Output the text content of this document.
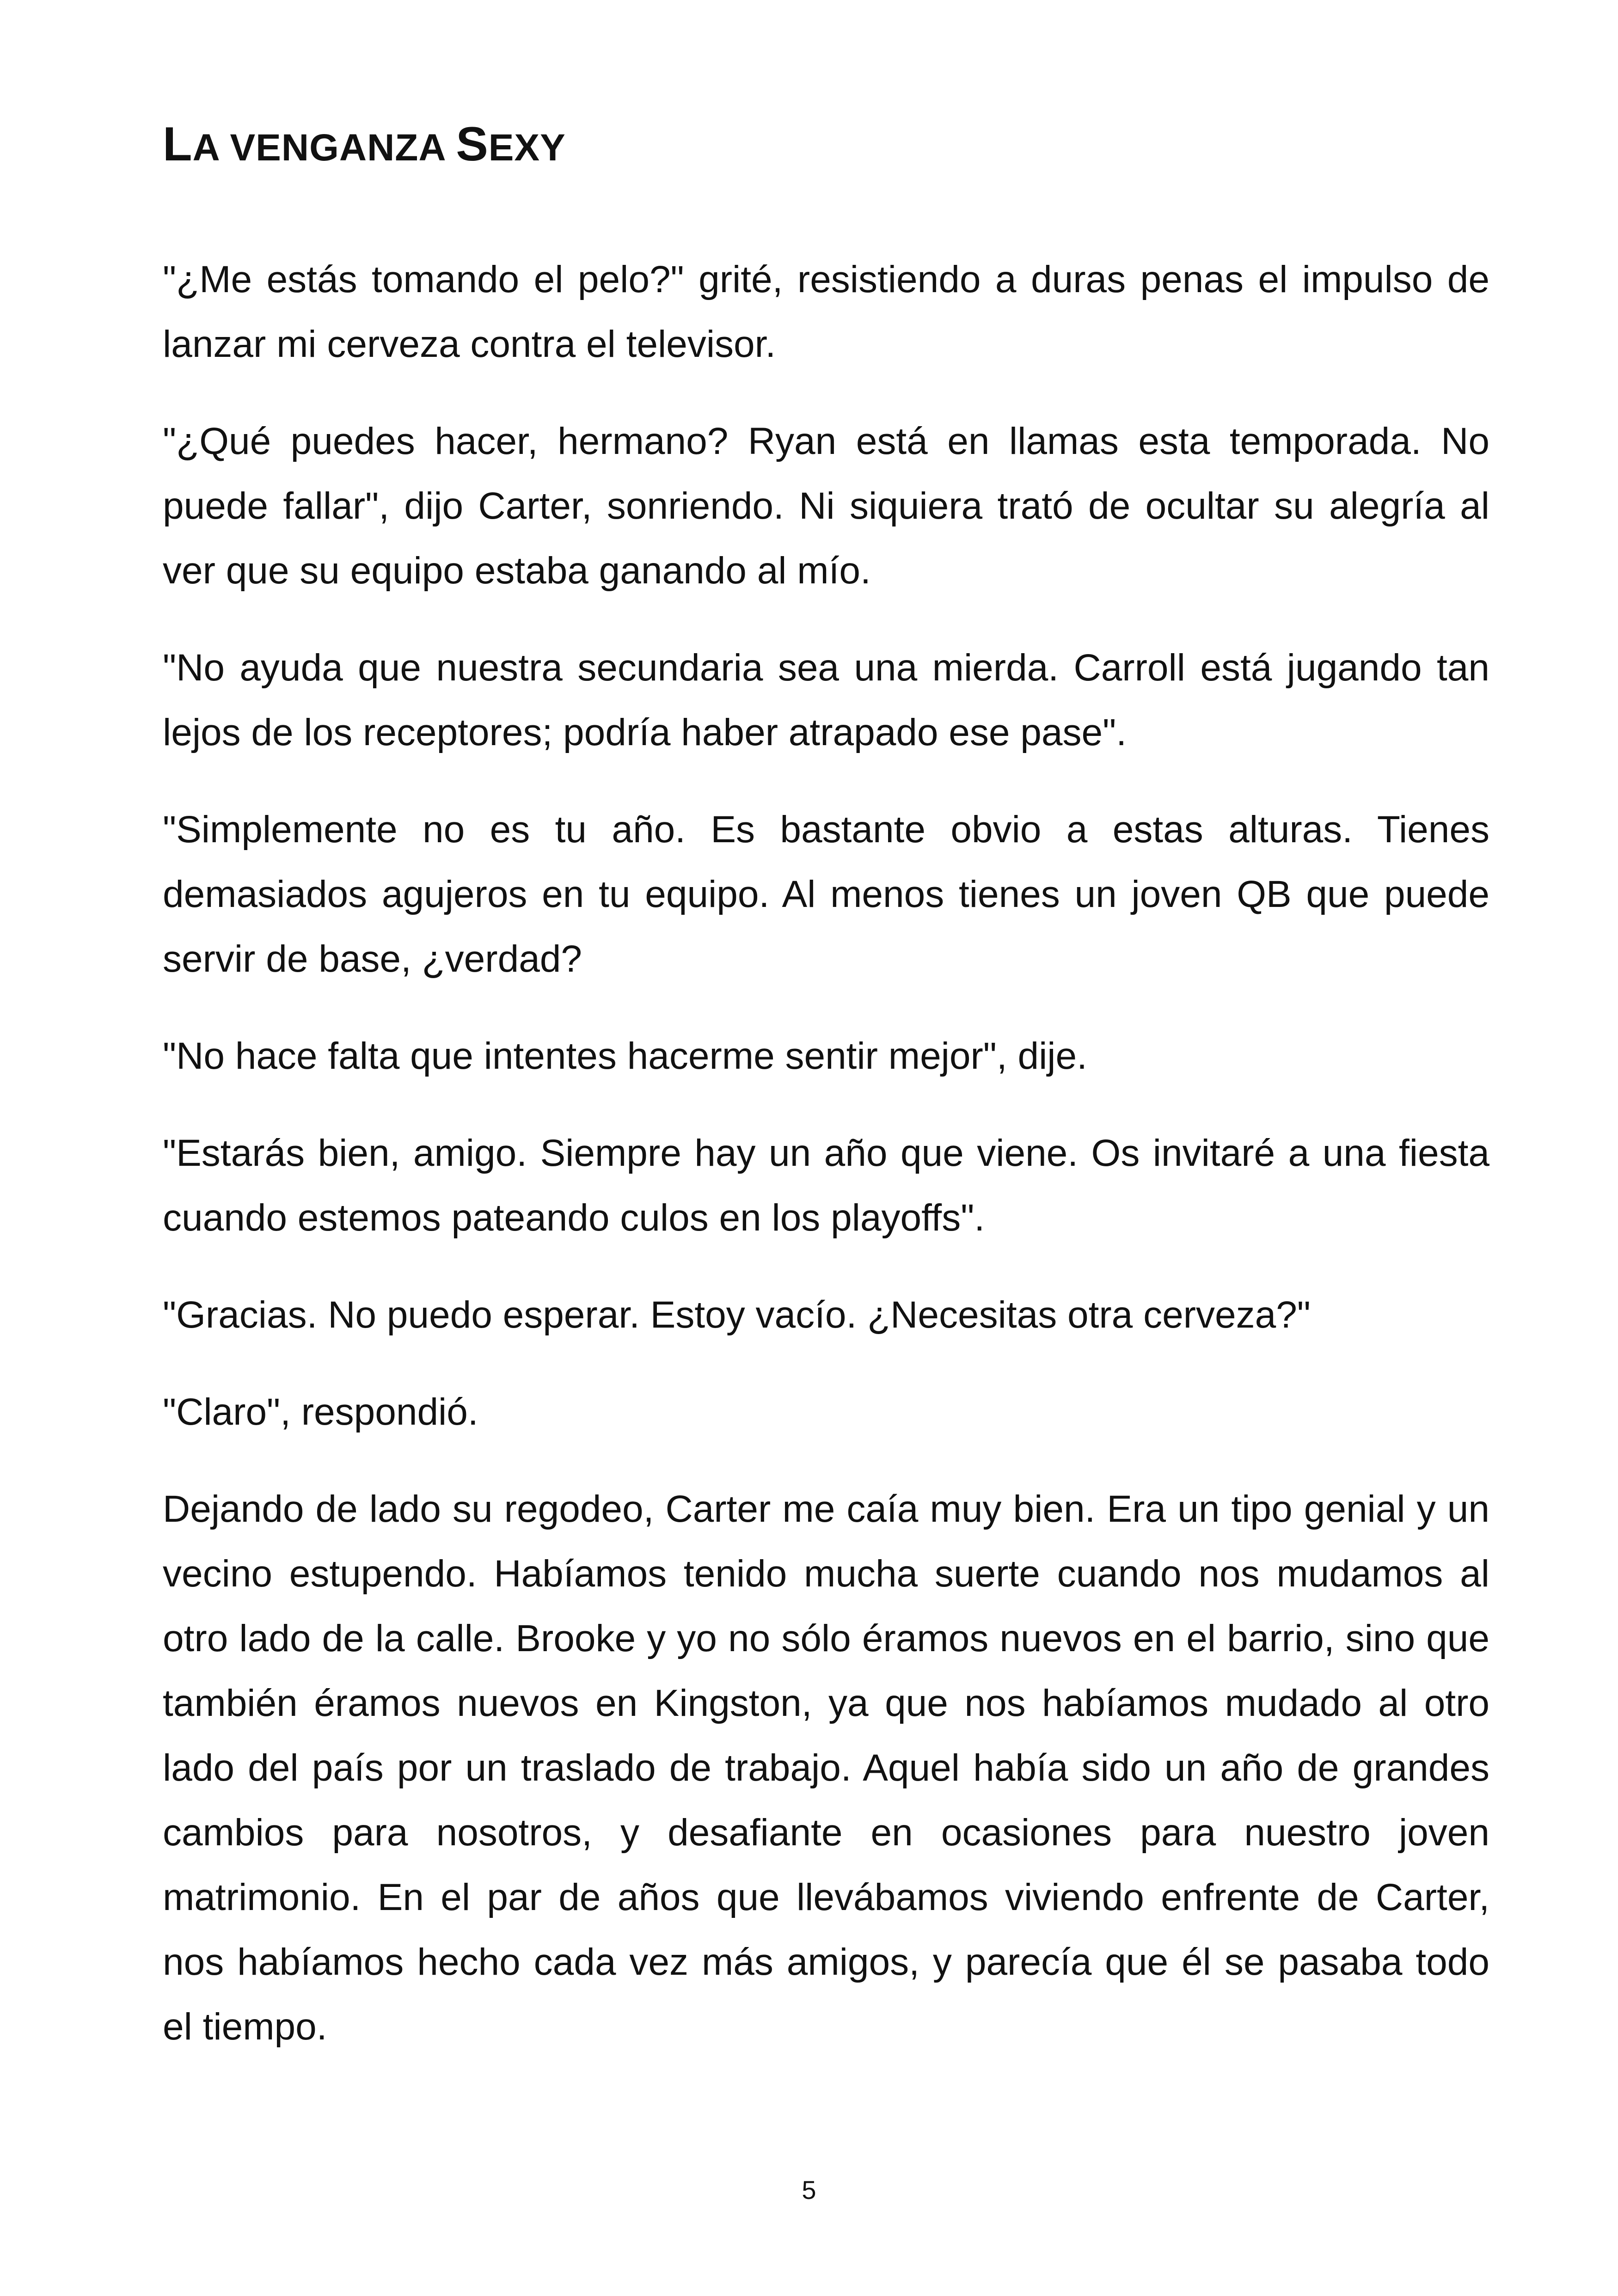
LA VENGANZA SEXY

"¿Me estás tomando el pelo?" grité, resistiendo a duras penas el impulso de lanzar mi cerveza contra el televisor.

"¿Qué puedes hacer, hermano? Ryan está en llamas esta temporada. No puede fallar", dijo Carter, sonriendo. Ni siquiera trató de ocultar su alegría al ver que su equipo estaba ganando al mío.

"No ayuda que nuestra secundaria sea una mierda. Carroll está jugando tan lejos de los receptores; podría haber atrapado ese pase".

"Simplemente no es tu año. Es bastante obvio a estas alturas. Tienes demasiados agujeros en tu equipo. Al menos tienes un joven QB que puede servir de base, ¿verdad?

"No hace falta que intentes hacerme sentir mejor", dije.

"Estarás bien, amigo. Siempre hay un año que viene. Os invitaré a una fiesta cuando estemos pateando culos en los playoffs".

"Gracias. No puedo esperar. Estoy vacío. ¿Necesitas otra cerveza?"

"Claro", respondió.

Dejando de lado su regodeo, Carter me caía muy bien. Era un tipo genial y un vecino estupendo. Habíamos tenido mucha suerte cuando nos mudamos al otro lado de la calle. Brooke y yo no sólo éramos nuevos en el barrio, sino que también éramos nuevos en Kingston, ya que nos habíamos mudado al otro lado del país por un traslado de trabajo. Aquel había sido un año de grandes cambios para nosotros, y desafiante en ocasiones para nuestro joven matrimonio. En el par de años que llevábamos viviendo enfrente de Carter, nos habíamos hecho cada vez más amigos, y parecía que él se pasaba todo el tiempo.

5
